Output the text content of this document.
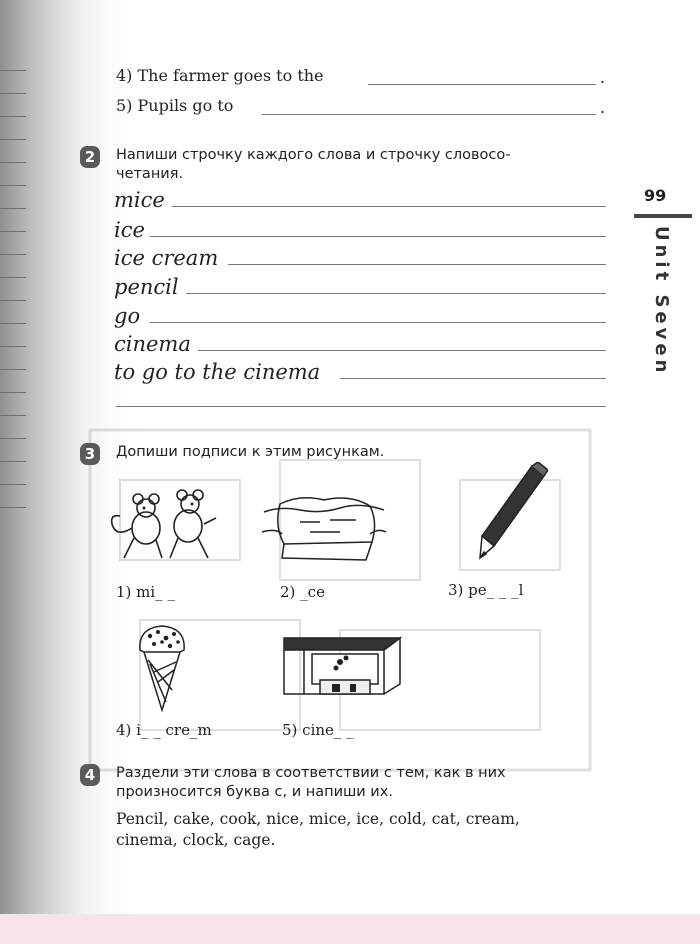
4) The farmer goes to the	.
5) Pupils go to	.
2	Напиши строчку каждого слова и строчку словосо-
четания.
mice
ice
ice cream
pencil
go
cinema
to go to the cinema
99
Unit Seven
3	Допиши подписи к этим рисункам.
1) mi_ _	2) _ce	3) pe_ _ _l
4) i_ _ cre_m	5) cine_ _
4	Раздели эти слова в соответствии с тем, как в них
произносится буква с, и напиши их.
Pencil, cake, cook, nice, mice, ice, cold, cat, cream,
cinema, clock, cage.
